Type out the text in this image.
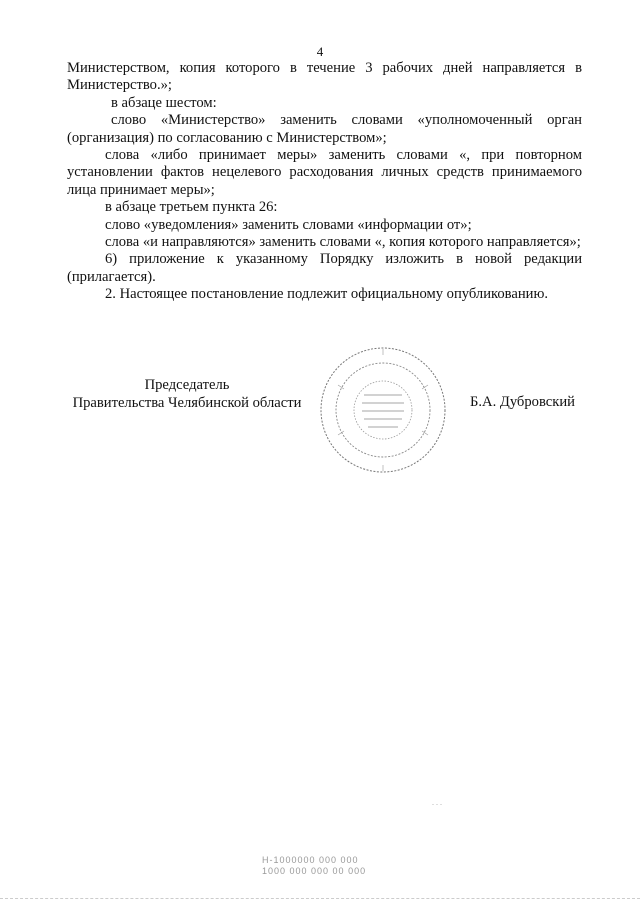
4

Министерством, копия которого в течение 3 рабочих дней направляется в Министерство.»;

в абзаце шестом:

слово «Министерство» заменить словами «уполномоченный орган (организация) по согласованию с Министерством»;

слова «либо принимает меры» заменить словами «, при повторном установлении фактов нецелевого расходования личных средств принимаемого лица принимает меры»;

в абзаце третьем пункта 26:

слово «уведомления» заменить словами «информации от»;

слова «и направляются» заменить словами «, копия которого направляется»;

6) приложение к указанному Порядку изложить в новой редакции (прилагается).

2. Настоящее постановление подлежит официальному опубликованию.

Председатель
Правительства Челябинской области	Б.А. Дубровский
. . .
Н-1000000 000 000
1000 000 000 00 000
